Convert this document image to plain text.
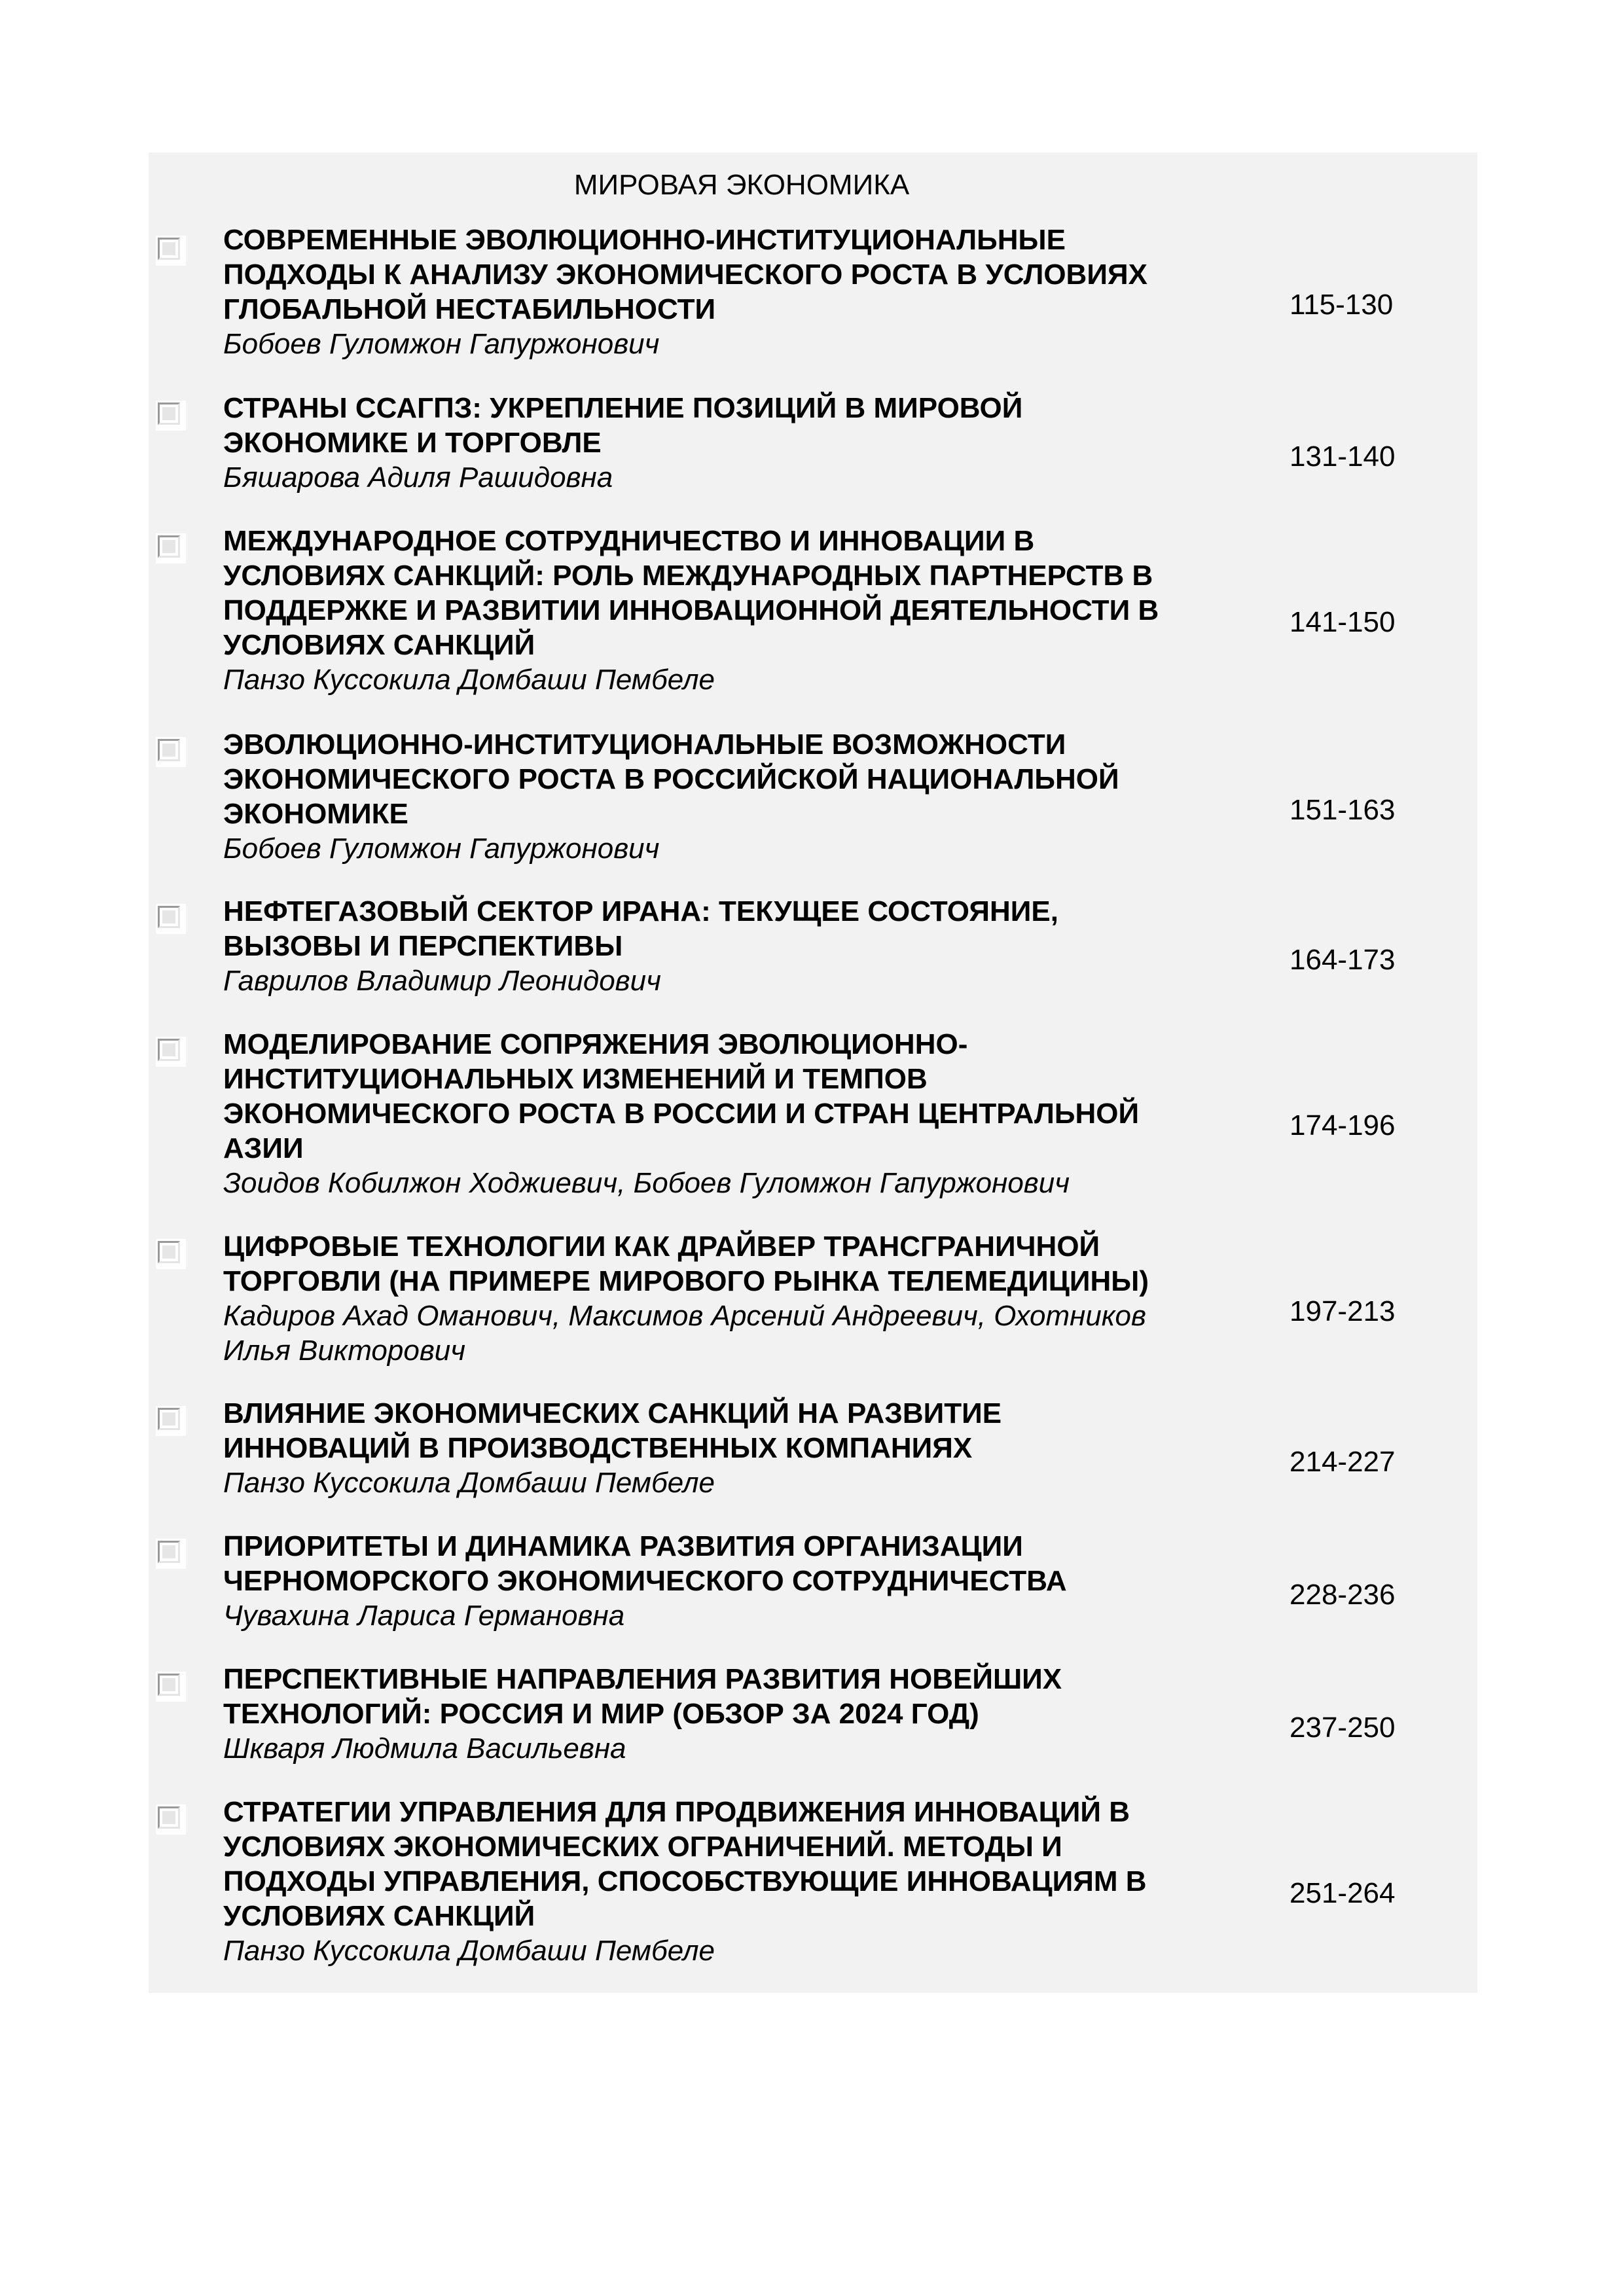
МИРОВАЯ ЭКОНОМИКА
СОВРЕМЕННЫЕ ЭВОЛЮЦИОННО-ИНСТИТУЦИОНАЛЬНЫЕ
ПОДХОДЫ К АНАЛИЗУ ЭКОНОМИЧЕСКОГО РОСТА В УСЛОВИЯХ
ГЛОБАЛЬНОЙ НЕСТАБИЛЬНОСТИ
Бобоев Гуломжон Гапуржонович
115-130
СТРАНЫ ССАГПЗ: УКРЕПЛЕНИЕ ПОЗИЦИЙ В МИРОВОЙ
ЭКОНОМИКЕ И ТОРГОВЛЕ
Бяшарова Адиля Рашидовна
131-140
МЕЖДУНАРОДНОЕ СОТРУДНИЧЕСТВО И ИННОВАЦИИ В
УСЛОВИЯХ САНКЦИЙ: РОЛЬ МЕЖДУНАРОДНЫХ ПАРТНЕРСТВ В
ПОДДЕРЖКЕ И РАЗВИТИИ ИННОВАЦИОННОЙ ДЕЯТЕЛЬНОСТИ В
УСЛОВИЯХ САНКЦИЙ
Панзо Куссокила Домбаши Пембеле
141-150
ЭВОЛЮЦИОННО-ИНСТИТУЦИОНАЛЬНЫЕ ВОЗМОЖНОСТИ
ЭКОНОМИЧЕСКОГО РОСТА В РОССИЙСКОЙ НАЦИОНАЛЬНОЙ
ЭКОНОМИКЕ
Бобоев Гуломжон Гапуржонович
151-163
НЕФТЕГАЗОВЫЙ СЕКТОР ИРАНА: ТЕКУЩЕЕ СОСТОЯНИЕ,
ВЫЗОВЫ И ПЕРСПЕКТИВЫ
Гаврилов Владимир Леонидович
164-173
МОДЕЛИРОВАНИЕ СОПРЯЖЕНИЯ ЭВОЛЮЦИОННО-
ИНСТИТУЦИОНАЛЬНЫХ ИЗМЕНЕНИЙ И ТЕМПОВ
ЭКОНОМИЧЕСКОГО РОСТА В РОССИИ И СТРАН ЦЕНТРАЛЬНОЙ
АЗИИ
Зоидов Кобилжон Ходжиевич, Бобоев Гуломжон Гапуржонович
174-196
ЦИФРОВЫЕ ТЕХНОЛОГИИ КАК ДРАЙВЕР ТРАНСГРАНИЧНОЙ
ТОРГОВЛИ (НА ПРИМЕРЕ МИРОВОГО РЫНКА ТЕЛЕМЕДИЦИНЫ)
Кадиров Ахад Оманович, Максимов Арсений Андреевич, Охотников
Илья Викторович
197-213
ВЛИЯНИЕ ЭКОНОМИЧЕСКИХ САНКЦИЙ НА РАЗВИТИЕ
ИННОВАЦИЙ В ПРОИЗВОДСТВЕННЫХ КОМПАНИЯХ
Панзо Куссокила Домбаши Пембеле
214-227
ПРИОРИТЕТЫ И ДИНАМИКА РАЗВИТИЯ ОРГАНИЗАЦИИ
ЧЕРНОМОРСКОГО ЭКОНОМИЧЕСКОГО СОТРУДНИЧЕСТВА
Чувахина Лариса Германовна
228-236
ПЕРСПЕКТИВНЫЕ НАПРАВЛЕНИЯ РАЗВИТИЯ НОВЕЙШИХ
ТЕХНОЛОГИЙ: РОССИЯ И МИР (ОБЗОР ЗА 2024 ГОД)
Шкваря Людмила Васильевна
237-250
СТРАТЕГИИ УПРАВЛЕНИЯ ДЛЯ ПРОДВИЖЕНИЯ ИННОВАЦИЙ В
УСЛОВИЯХ ЭКОНОМИЧЕСКИХ ОГРАНИЧЕНИЙ. МЕТОДЫ И
ПОДХОДЫ УПРАВЛЕНИЯ, СПОСОБСТВУЮЩИЕ ИННОВАЦИЯМ В
УСЛОВИЯХ САНКЦИЙ
Панзо Куссокила Домбаши Пембеле
251-264
